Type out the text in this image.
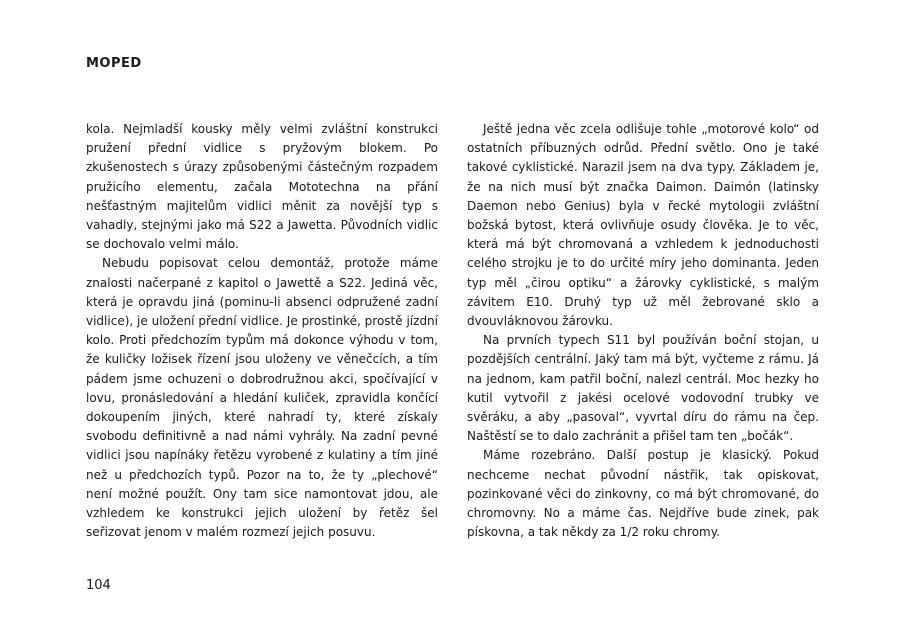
MOPED

kola. Nejmladší kousky měly velmi zvláštní konstrukci pružení přední vidlice s pryžovým blokem. Po zkušenostech s úrazy způsobenými částečným rozpadem pružicího elementu, začala Mototechna na přání nešťastným majitelům vidlici měnit za novější typ s vahadly, stejnými jako má S22 a Jawetta. Původních vidlic se dochovalo velmi málo.

Nebudu popisovat celou demontáž, protože máme znalosti načerpané z kapitol o Jawettě a S22. Jediná věc, která je opravdu jiná (pominu-li absenci odpružené zadní vidlice), je uložení přední vidlice. Je prostinké, prostě jízdní kolo. Proti předchozím typům má dokonce výhodu v tom, že kuličky ložisek řízení jsou uloženy ve věnečcích, a tím pádem jsme ochuzeni o dobrodružnou akci, spočívající v lovu, pronásledování a hledání kuliček, zpravidla končící dokoupením jiných, které nahradí ty, které získaly svobodu definitivně a nad námi vyhrály. Na zadní pevné vidlici jsou napínáky řetězu vyrobené z kulatiny a tím jiné než u předchozích typů. Pozor na to, že ty „plechové“ není možné použít. Ony tam sice namontovat jdou, ale vzhledem ke konstrukci jejich uložení by řetěz šel seřizovat jenom v malém rozmezí jejich posuvu.

Ještě jedna věc zcela odlišuje tohle „motorové kolo“ od ostatních příbuzných odrůd. Přední světlo. Ono je také takové cyklistické. Narazil jsem na dva typy. Základem je, že na nich musí být značka Daimon. Daimón (latinsky Daemon nebo Genius) byla v řecké mytologii zvláštní božská bytost, která ovlivňuje osudy člověka. Je to věc, která má být chromovaná a vzhledem k jednoduchosti celého strojku je to do určité míry jeho dominanta. Jeden typ měl „čirou optiku“ a žárovky cyklistické, s malým závitem E10. Druhý typ už měl žebrované sklo a dvouvláknovou žárovku.

Na prvních typech S11 byl používán boční stojan, u pozdějších centrální. Jaký tam má být, vyčteme z rámu. Já na jednom, kam patřil boční, nalezl centrál. Moc hezky ho kutil vytvořil z jakési ocelové vodovodní trubky ve svěráku, a aby „pasoval“, vyvrtal díru do rámu na čep. Naštěstí se to dalo zachránit a přišel tam ten „bočák“.

Máme rozebráno. Další postup je klasický. Pokud nechceme nechat původní nástřik, tak opiskovat, pozinkované věci do zinkovny, co má být chromované, do chromovny. No a máme čas. Nejdříve bude zinek, pak pískovna, a tak někdy za 1/2 roku chromy.

104
